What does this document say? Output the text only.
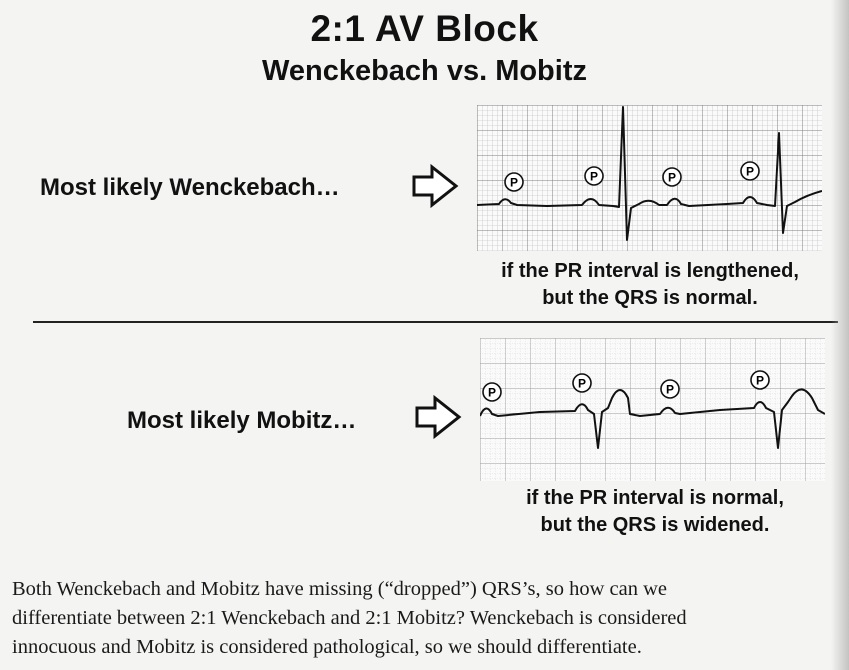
2:1 AV Block
Wenckebach vs. Mobitz
Most likely Wenckebach…	P	P	P	P
if the PR interval is lengthened,
but the QRS is normal.
Most likely Mobitz…
P
P	P
P
if the PR interval is normal,
but the QRS is widened.
Both Wenckebach and Mobitz have missing (“dropped”) QRS’s, so how can we
differentiate between 2:1 Wenckebach and 2:1 Mobitz? Wenckebach is considered
innocuous and Mobitz is considered pathological, so we should differentiate.
